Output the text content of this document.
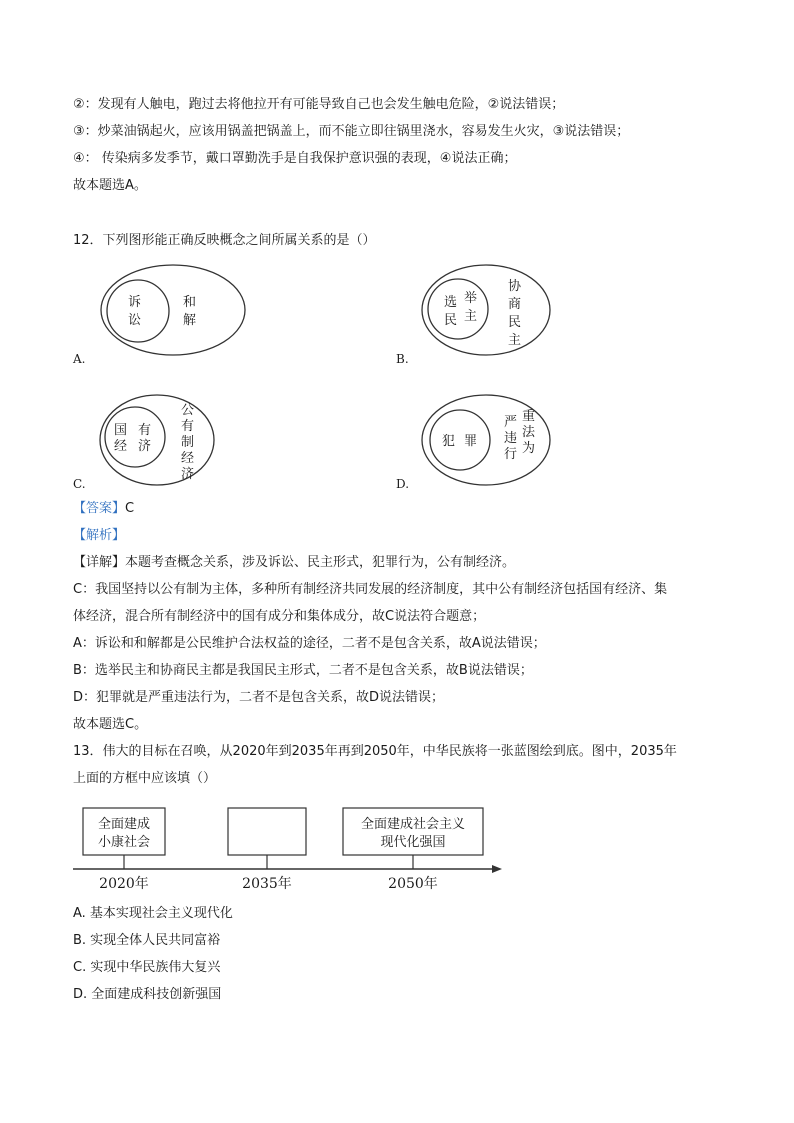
②：发现有人触电，跑过去将他拉开有可能导致自己也会发生触电危险，②说法错误；
③：炒菜油锅起火，应该用锅盖把锅盖上，而不能立即往锅里浇水，容易发生火灾，③说法错误；
④： 传染病多发季节，戴口罩勤洗手是自我保护意识强的表现，④说法正确；
故本题选A。
12．下列图形能正确反映概念之间所属关系的是（）
诉
讼
和
解
A.
选
民
举
主
协
商
民
主
B.
国
经
有
济
公
有
制
经
济
C.
犯 罪
严
违
行
重
法
为
D.
【答案】C
【解析】
【详解】本题考查概念关系，涉及诉讼、民主形式，犯罪行为，公有制经济。
C：我国坚持以公有制为主体，多种所有制经济共同发展的经济制度，其中公有制经济包括国有经济、集
体经济，混合所有制经济中的国有成分和集体成分，故C说法符合题意；
A：诉讼和和解都是公民维护合法权益的途径，二者不是包含关系，故A说法错误；
B：选举民主和协商民主都是我国民主形式，二者不是包含关系，故B说法错误；
D：犯罪就是严重违法行为，二者不是包含关系，故D说法错误；
故本题选C。
13．伟大的目标在召唤，从2020年到2035年再到2050年，中华民族将一张蓝图绘到底。图中，2035年
上面的方框中应该填（）
全面建成
小康社会
全面建成社会主义
现代化强国
2020年	2035年	2050年
A. 基本实现社会主义现代化
B. 实现全体人民共同富裕
C. 实现中华民族伟大复兴
D. 全面建成科技创新强国
